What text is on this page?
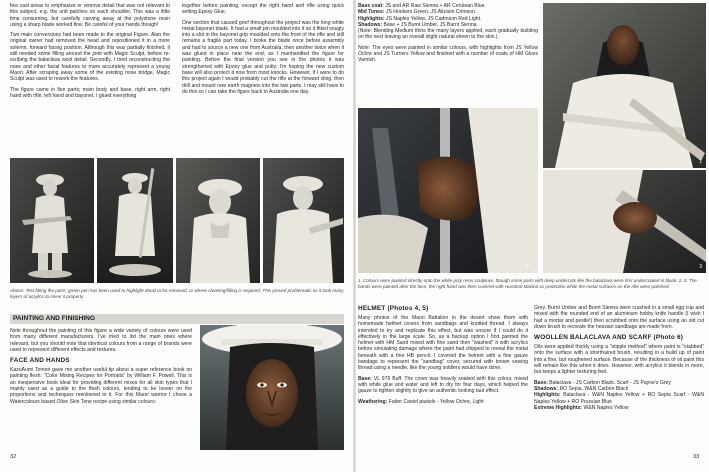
few cast areas to emphasize or remove detail that was not relevant to this subject, e.g. the unit patches on each shoulder. This was a little time consuming, but carefully carving away at the polystone resin using a sharp blade worked fine. Be careful of your hands though!

Two main conversions had been made to the original Figure. Alan the original owner had removed the head and repositioned it in a more solemn, forward facing position. Although this was partially finished, it still needed some filling around the joint with Magic Sculpt, before re-scribing the balaclava wool detail. Secondly, I tried reconstructing the nose and other facial features to more accurately represent a young Maori. After scraping away some of the existing nose bridge, Magic Sculpt was used to rework the features.

The figure came in five parts; main body and base, right arm, right hand with rifle, left hand and bayonet. I glued everything

together before painting, except the right hand and rifle using quick setting Epoxy Glue.

One section that caused grief throughout the project was the long white metal bayonet blade. It had a small pin moulded into it so it fitted snugly into a slot in the bayonet grip moulded onto the front of the rifle and still remains a fragile part today. I broke the blade once before assembly and had to source a new one from Australia, then another twice when it was glued in place near the end, as I manhandled the figure for painting. Before the final version you see in the photos it was strengthened with Epoxy glue and putty. I'm hoping the new custom base will also protect it now from most knocks. However, if I were to do this project again I would probably cut the rifle at the forward sling, then drill and mount rare earth magnets into the two parts. I may still have to do this so I can take the figure back to Australia one day.

Above: Test fitting the parts; green pen has been used to highlight detail to be removed, or where cleaning/filling is required. This proved problematic as it took many layers of acrylics to cover it properly.
PAINTING AND FINISHING

Note throughout the painting of this figure a wide variety of colours were used from many different manufacturers. I've tried to list the main ones where relevant, but you should note that identical colours from a range of brands were used to represent different effects and textures.

FACE AND HANDS

KazuAumi Tomori gave me another useful tip about a super reference book on painting flesh: "Color Mixing Recipes for Portraits" by William F. Powell. This is an inexpensive book ideal for providing different mixes for all skin types that I mainly used as a guide to the flesh colours, tending to be looser on the proportions and techniques mentioned in it. For this Maori warrior I chose a Watercolours based Olive Skin Tone recipe using similar colours:

32

Base coat: JS and AR Raw Sienna + AR Cerulean Blue.

Mid Tones: JS Hookers Green, JS Alizarin Crimson.

Highlights: JS Naples Yellow, JS Cadmium Red Light.

Shadows: Base + JS Burnt Umber, JS Burnt Sienna.

(Note: Blending Medium thins the many layers applied, each gradually building on the next leaving an overall slight natural sheen to the skin.)

Note: The eyes were painted in similar colours, with highlights from JS Yellow Ochre and JS Turners Yellow and finished with a number of coats of HM Gloss Varnish.

1
3
2
1. Colours were painted directly onto the white poly resin sculpture, though some parts with deep undercuts like the balaclava were first undercoated in black. 2, 3. The hands were painted after the face; the right hand was then covered with Humbrol Maskol as protection while the metal surfaces on the rifle were polished.
HELMET (Photos 4, 5)

Many photos of the Maori Battalion in the desert show them with homemade helmet covers from sandbags and knotted thread. I always intended to try and replicate this effect, but was unsure if I could do it effectively in the large scale. So, as a backup option I first painted the helmet with HM Sand mixed with fine sand then "washed" it with acrylics before simulating damage where the paint had chipped to reveal the metal beneath with a fine HB pencil. I covered the helmet with a fine gauze bandage to represent the "sandbag" cover, secured with brown sewing thread using a needle, like the young soldiers would have done.

Base: VL 976 Buff. The cover was heavily soaked with this colour, mixed with white glue and water and left to dry for four days, which helped the gauze to tighten slightly to give an authentic looking taut effect.

Weathering: Faber Castel pastels - Yellow Ochre, Light

Grey, Burnt Umber and Burnt Sienna were crushed in a small egg cup and mixed with the rounded end of an aluminium hobby knife handle (I wish I had a mortar and pestle!) then scrubbed onto the surface using an old cut down brush to recreate the hessian sandbags are made from.

WOOLLEN BALACLAVA AND SCARF (Photo 6)

Oils were applied thickly using a "stipple method" where paint is "stabbed" onto the surface with a shorthaired brush, resulting in a build up of paint into a fine, but roughened surface. Because of the thickness of oil paint this will remain like this when it dries. However, with acrylics it blends in more, but keeps a lighter texturing feel.

Base: Balaclava - JS Carbon Black. Scarf - JS Payne's Grey

Shadows: RO Sepia, W&N Carbon Black

Highlights: Balaclava - W&N Naples Yellow + RO Sepia Scarf - W&N Naples Yellow + RO Prussian Blue

Extreme Highlights: W&N Naples Yellow

33
